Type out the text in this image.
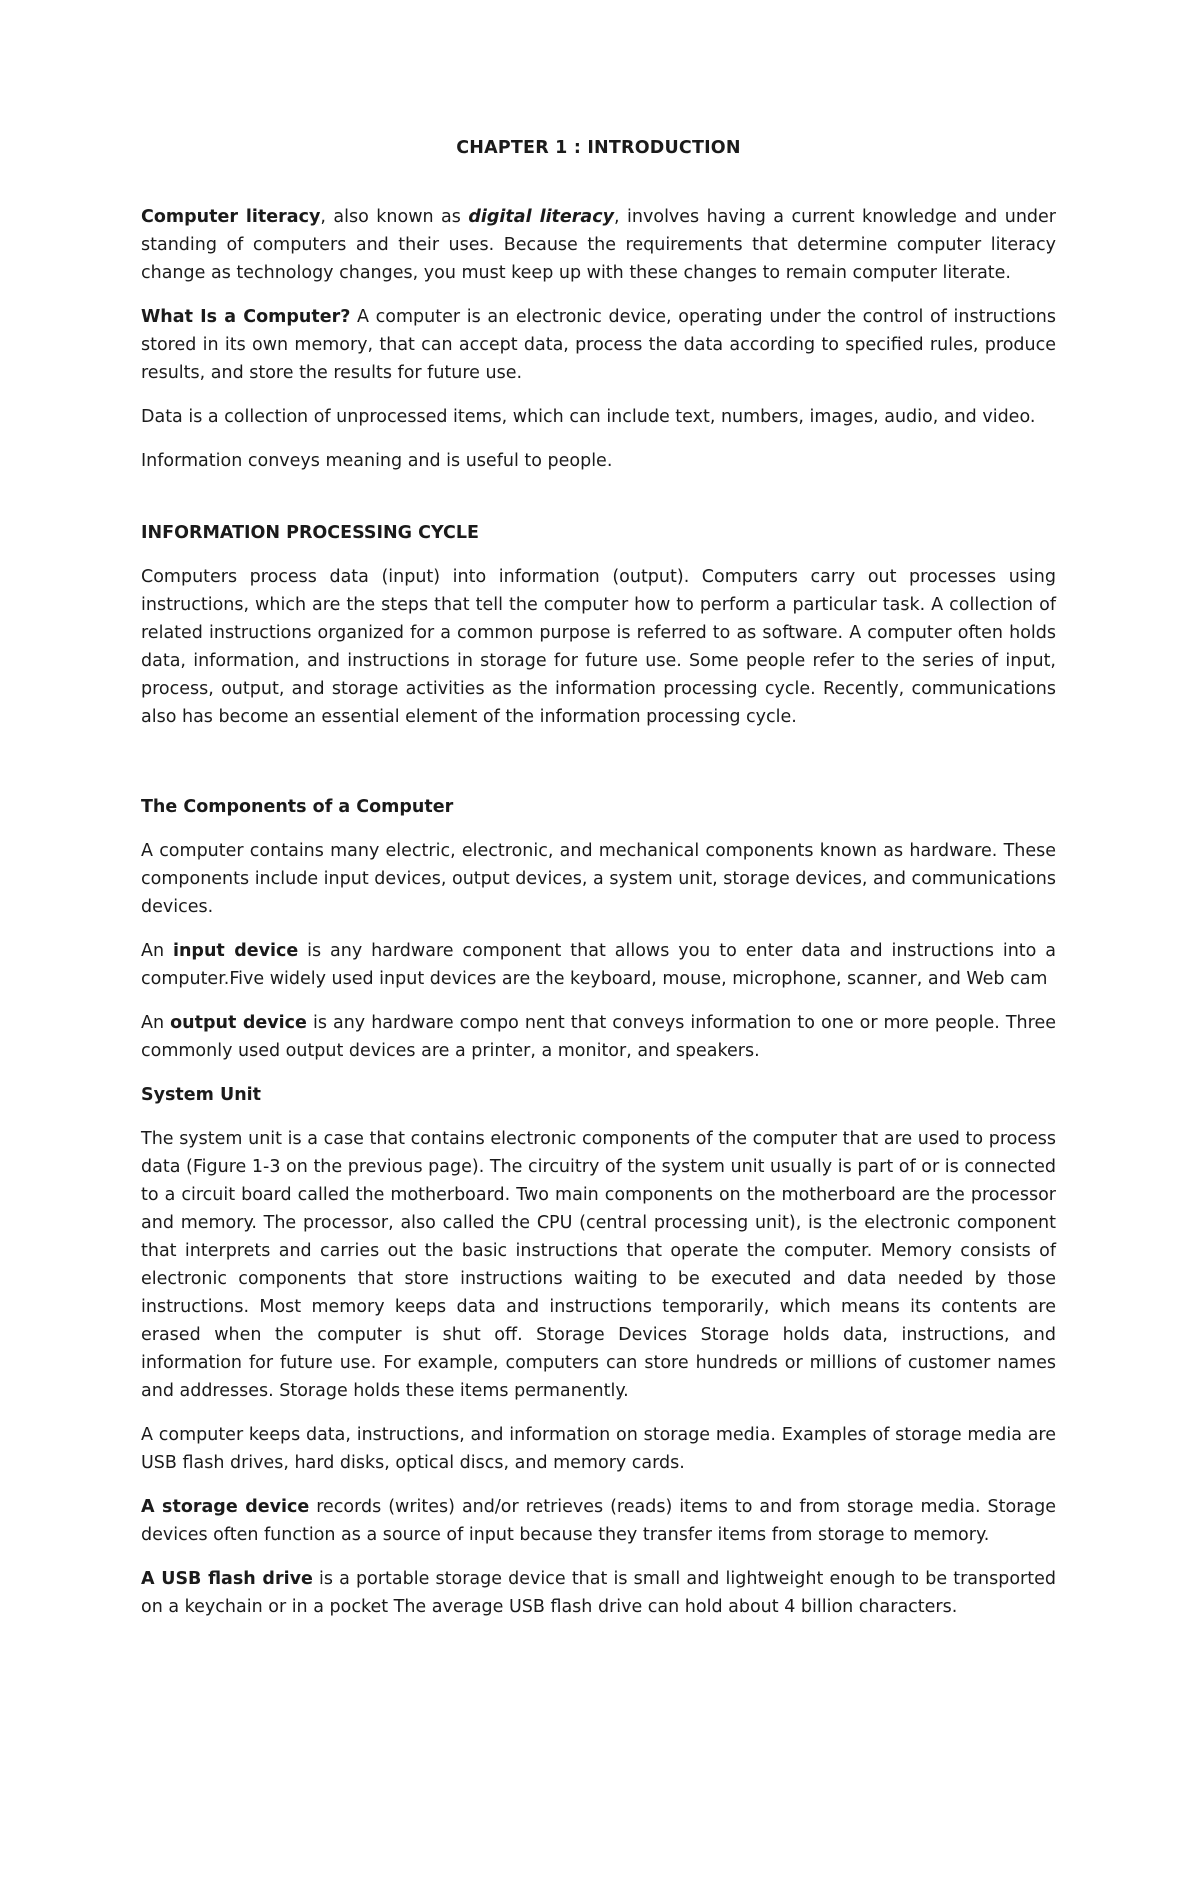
CHAPTER 1 : INTRODUCTION

Computer literacy, also known as digital literacy, involves having a current knowledge and under standing of computers and their uses. Because the requirements that determine computer literacy change as technology changes, you must keep up with these changes to remain computer literate.

What Is a Computer? A computer is an electronic device, operating under the control of instructions stored in its own memory, that can accept data, process the data according to specified rules, produce results, and store the results for future use.

Data is a collection of unprocessed items, which can include text, numbers, images, audio, and video.

Information conveys meaning and is useful to people.

INFORMATION PROCESSING CYCLE

Computers process data (input) into information (output). Computers carry out processes using instructions, which are the steps that tell the computer how to perform a particular task. A collection of related instructions organized for a common purpose is referred to as software. A computer often holds data, information, and instructions in storage for future use. Some people refer to the series of input, process, output, and storage activities as the information processing cycle. Recently, communications also has become an essential element of the information processing cycle.

The Components of a Computer

A computer contains many electric, electronic, and mechanical components known as hardware. These components include input devices, output devices, a system unit, storage devices, and communications devices.

An input device is any hardware component that allows you to enter data and instructions into a computer.Five widely used input devices are the keyboard, mouse, microphone, scanner, and Web cam

An output device is any hardware compo nent that conveys information to one or more people. Three commonly used output devices are a printer, a monitor, and speakers.

System Unit

The system unit is a case that contains electronic components of the computer that are used to process data (Figure 1-3 on the previous page). The circuitry of the system unit usually is part of or is connected to a circuit board called the motherboard. Two main components on the motherboard are the processor and memory. The processor, also called the CPU (central processing unit), is the electronic component that interprets and carries out the basic instructions that operate the computer. Memory consists of electronic components that store instructions waiting to be executed and data needed by those instructions. Most memory keeps data and instructions temporarily, which means its contents are erased when the computer is shut off. Storage Devices Storage holds data, instructions, and information for future use. For example, computers can store hundreds or millions of customer names and addresses. Storage holds these items permanently.

A computer keeps data, instructions, and information on storage media. Examples of storage media are USB flash drives, hard disks, optical discs, and memory cards.

A storage device records (writes) and/or retrieves (reads) items to and from storage media. Storage devices often function as a source of input because they transfer items from storage to memory.

A USB flash drive is a portable storage device that is small and lightweight enough to be transported on a keychain or in a pocket The average USB flash drive can hold about 4 billion characters.
